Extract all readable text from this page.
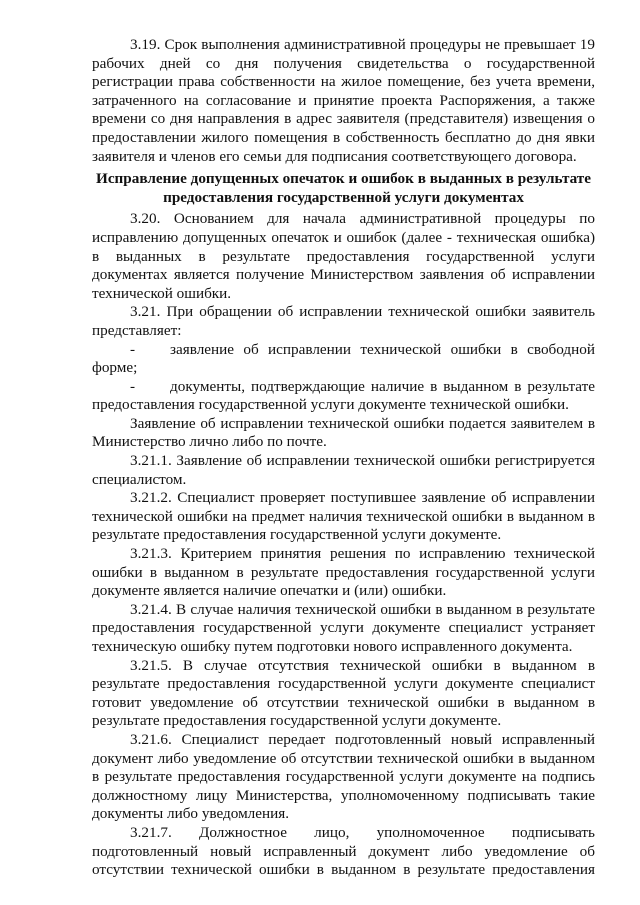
3.19. Срок выполнения административной процедуры не превышает 19 рабочих дней со дня получения свидетельства о государственной регистрации права собственности на жилое помещение, без учета времени, затраченного на согласование и принятие проекта Распоряжения, а также времени со дня направления в адрес заявителя (представителя) извещения о предоставлении жилого помещения в собственность бесплатно до дня явки заявителя и членов его семьи для подписания соответствующего договора.

Исправление допущенных опечаток и ошибок в выданных в результате предоставления государственной услуги документах

3.20. Основанием для начала административной процедуры по исправлению допущенных опечаток и ошибок (далее - техническая ошибка) в выданных в результате предоставления государственной услуги документах является получение Министерством заявления об исправлении технической ошибки.

3.21. При обращении об исправлении технической ошибки заявитель представляет:

- заявление об исправлении технической ошибки в свободной форме;

- документы, подтверждающие наличие в выданном в результате предоставления государственной услуги документе технической ошибки.

Заявление об исправлении технической ошибки подается заявителем в Министерство лично либо по почте.

3.21.1. Заявление об исправлении технической ошибки регистрируется специалистом.

3.21.2. Специалист проверяет поступившее заявление об исправлении технической ошибки на предмет наличия технической ошибки в выданном в результате предоставления государственной услуги документе.

3.21.3. Критерием принятия решения по исправлению технической ошибки в выданном в результате предоставления государственной услуги документе является наличие опечатки и (или) ошибки.

3.21.4. В случае наличия технической ошибки в выданном в результате предоставления государственной услуги документе специалист устраняет техническую ошибку путем подготовки нового исправленного документа.

3.21.5. В случае отсутствия технической ошибки в выданном в результате предоставления государственной услуги документе специалист готовит уведомление об отсутствии технической ошибки в выданном в результате предоставления государственной услуги документе.

3.21.6. Специалист передает подготовленный новый исправленный документ либо уведомление об отсутствии технической ошибки в выданном в результате предоставления государственной услуги документе на подпись должностному лицу Министерства, уполномоченному подписывать такие документы либо уведомления.

3.21.7. Должностное лицо, уполномоченное подписывать подготовленный новый исправленный документ либо уведомление об отсутствии технической ошибки в выданном в результате предоставления
